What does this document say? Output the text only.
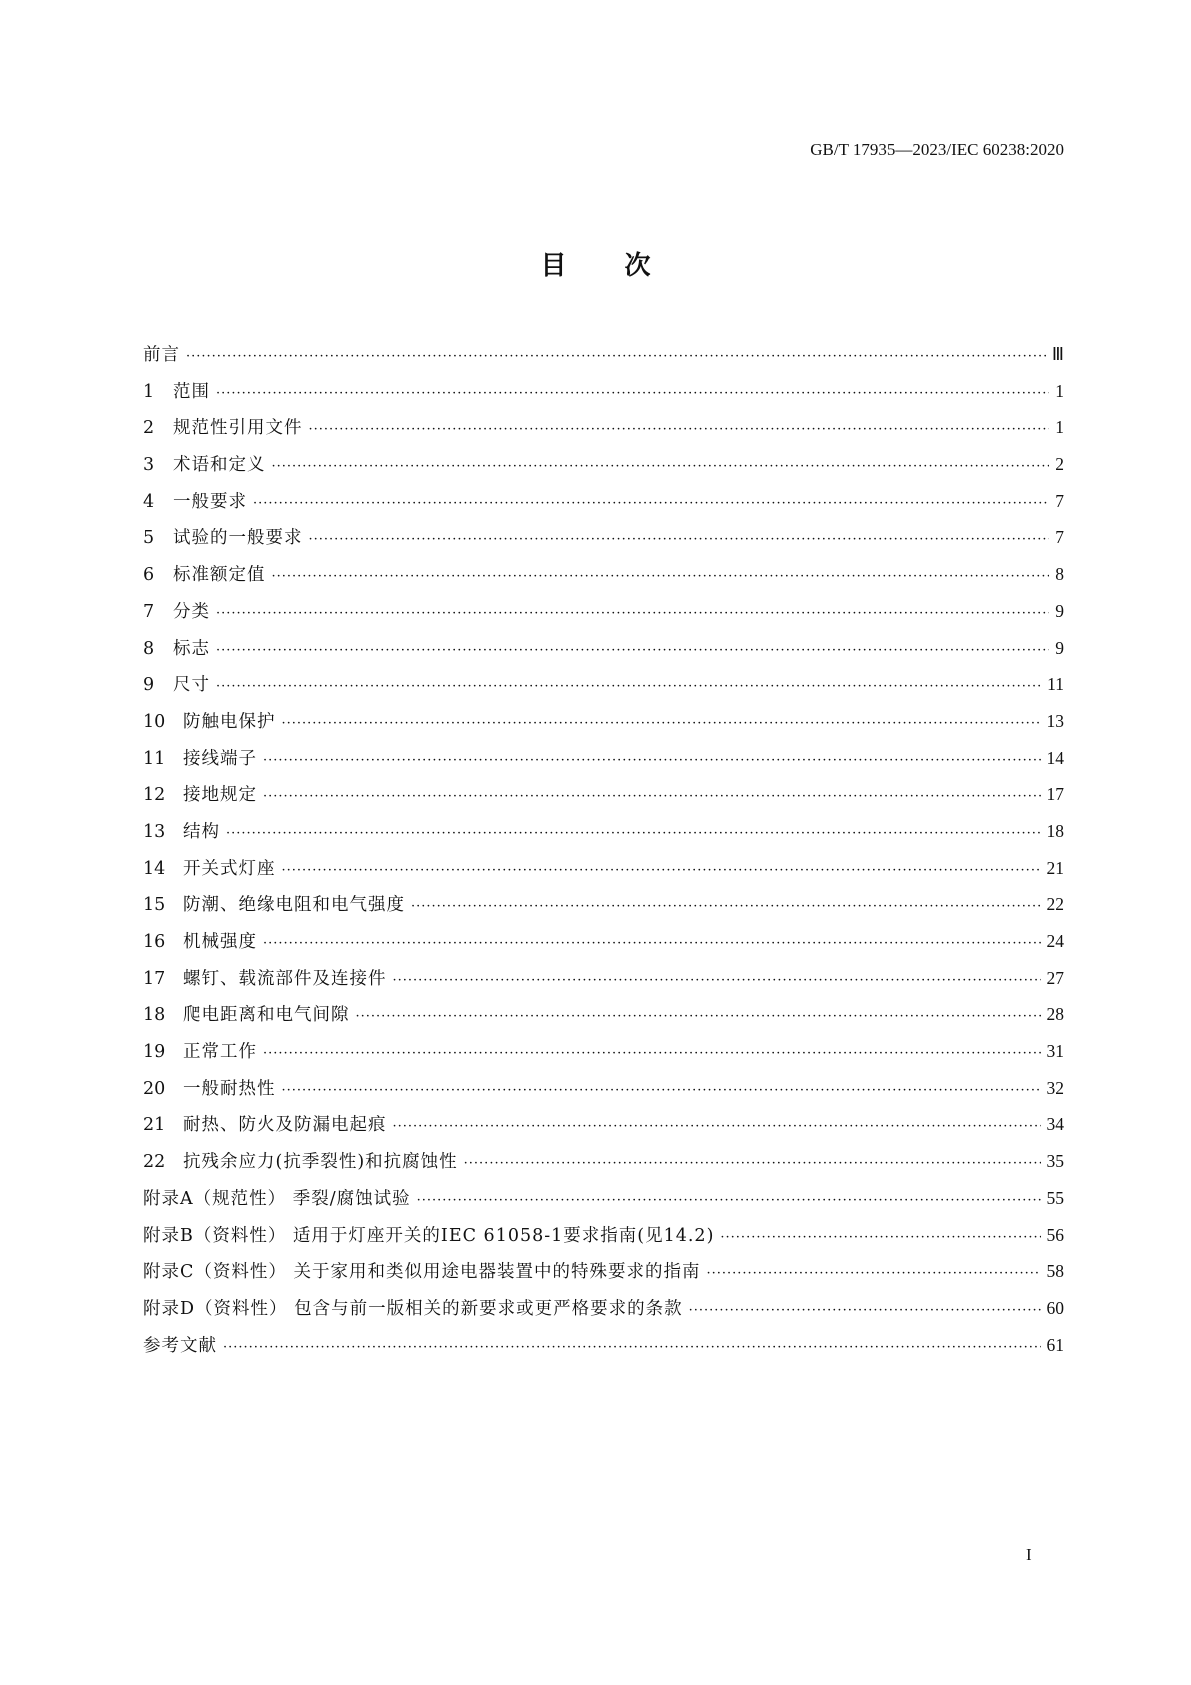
GB/T 17935—2023/IEC 60238:2020
目次
前言 ·····	Ⅲ
1	范围 ·····	1
2	规范性引用文件 ·····	1
3	术语和定义 ·····	2
4	一般要求 ·····	7
5	试验的一般要求 ·····	7
6	标准额定值 ·····	8
7	分类 ·····	9
8	标志 ·····	9
9	尺寸 ·····	11
10	防触电保护 ·····	13
11	接线端子 ·····	14
12	接地规定 ·····	17
13	结构 ·····	18
14	开关式灯座 ·····	21
15	防潮、绝缘电阻和电气强度 ·····	22
16	机械强度 ·····	24
17	螺钉、载流部件及连接件 ·····	27
18	爬电距离和电气间隙 ·····	28
19	正常工作 ·····	31
20	一般耐热性 ·····	32
21	耐热、防火及防漏电起痕 ·····	34
22	抗残余应力(抗季裂性)和抗腐蚀性 ·····	35
附录A（规范性） 季裂/腐蚀试验 ·····	55
附录B（资料性） 适用于灯座开关的IEC 61058-1要求指南(见14.2) ·····	56
附录C（资料性） 关于家用和类似用途电器装置中的特殊要求的指南 ·····	58
附录D（资料性） 包含与前一版相关的新要求或更严格要求的条款 ·····	60
参考文献 ·····	61
I
